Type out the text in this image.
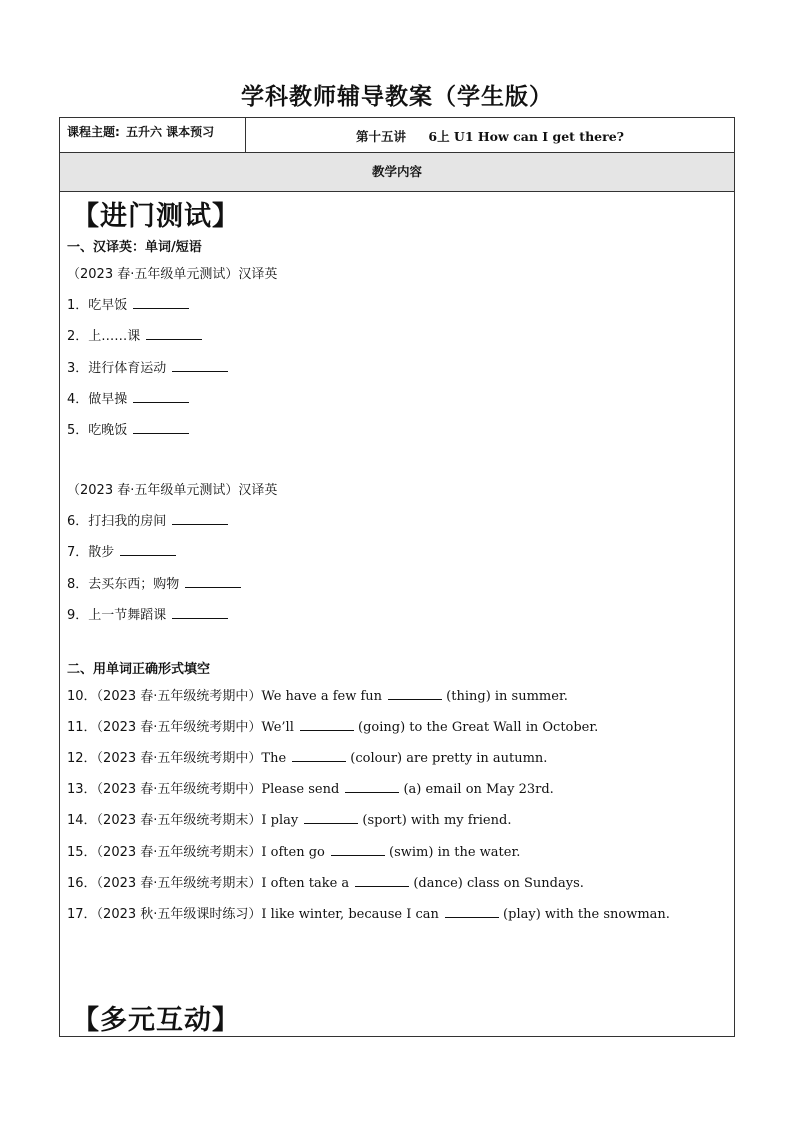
学科教师辅导教案（学生版）
课程主题: 五升六 课本预习	第十五讲 6上 U1 How can I get there?
教学内容
【进门测试】
一、汉译英：单词/短语
（2023 春·五年级单元测试）汉译英
1．吃早饭
2．上……课
3．进行体育运动
4．做早操
5．吃晚饭
（2023 春·五年级单元测试）汉译英
6．打扫我的房间
7．散步
8．去买东西；购物
9．上一节舞蹈课
二、用单词正确形式填空
10．（2023 春·五年级统考期中）We have a few fun	(thing) in summer.
11．（2023 春·五年级统考期中）We’ll	(going) to the Great Wall in October.
12．（2023 春·五年级统考期中）The	(colour) are pretty in autumn.
13．（2023 春·五年级统考期中）Please send	(a) email on May 23rd.
14．（2023 春·五年级统考期末）I play	(sport) with my friend.
15．（2023 春·五年级统考期末）I often go	(swim) in the water.
16．（2023 春·五年级统考期末）I often take a	(dance) class on Sundays.
17．（2023 秋·五年级课时练习）I like winter, because I can	(play) with the snowman.
【多元互动】
